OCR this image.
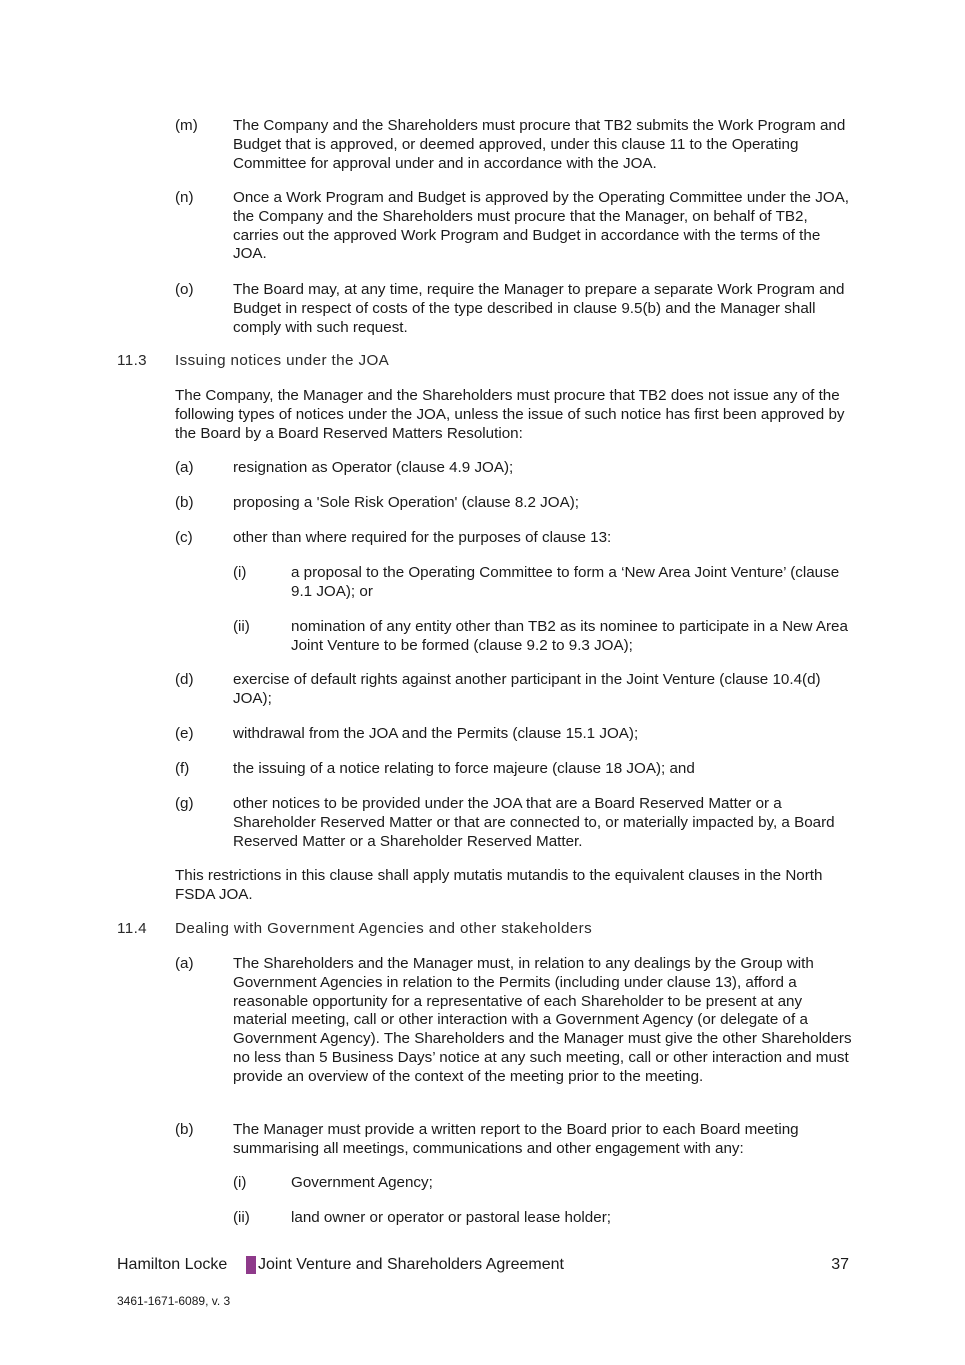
(m) The Company and the Shareholders must procure that TB2 submits the Work Program and Budget that is approved, or deemed approved, under this clause 11 to the Operating Committee for approval under and in accordance with the JOA.
(n)	Once a Work Program and Budget is approved by the Operating Committee under the JOA, the Company and the Shareholders must procure that the Manager, on behalf of TB2, carries out the approved Work Program and Budget in accordance with the terms of the JOA.
(o)	The Board may, at any time, require the Manager to prepare a separate Work Program and Budget in respect of costs of the type described in clause 9.5(b) and the Manager shall comply with such request.
11.3 Issuing notices under the JOA
The Company, the Manager and the Shareholders must procure that TB2 does not issue any of the following types of notices under the JOA, unless the issue of such notice has first been approved by the Board by a Board Reserved Matters Resolution:
(a)	resignation as Operator (clause 4.9 JOA);
(b)	proposing a 'Sole Risk Operation' (clause 8.2 JOA);
(c)	other than where required for the purposes of clause 13:
(i)	a proposal to the Operating Committee to form a ‘New Area Joint Venture’ (clause 9.1 JOA); or
(ii)	nomination of any entity other than TB2 as its nominee to participate in a New Area Joint Venture to be formed (clause 9.2 to 9.3 JOA);
(d)	exercise of default rights against another participant in the Joint Venture (clause 10.4(d) JOA);
(e)	withdrawal from the JOA and the Permits (clause 15.1 JOA);
(f)	the issuing of a notice relating to force majeure (clause 18 JOA); and
(g)	other notices to be provided under the JOA that are a Board Reserved Matter or a Shareholder Reserved Matter or that are connected to, or materially impacted by, a Board Reserved Matter or a Shareholder Reserved Matter.
This restrictions in this clause shall apply mutatis mutandis to the equivalent clauses in the North FSDA JOA.
11.4 Dealing with Government Agencies and other stakeholders
(a)	The Shareholders and the Manager must, in relation to any dealings by the Group with Government Agencies in relation to the Permits (including under clause 13), afford a reasonable opportunity for a representative of each Shareholder to be present at any material meeting, call or other interaction with a Government Agency (or delegate of a Government Agency). The Shareholders and the Manager must give the other Shareholders no less than 5 Business Days’ notice at any such meeting, call or other interaction and must provide an overview of the context of the meeting prior to the meeting.
(b)	The Manager must provide a written report to the Board prior to each Board meeting summarising all meetings, communications and other engagement with any:
(i)	Government Agency;
(ii)	land owner or operator or pastoral lease holder;
Hamilton Locke Joint Venture and Shareholders Agreement	37
3461-1671-6089, v. 3
